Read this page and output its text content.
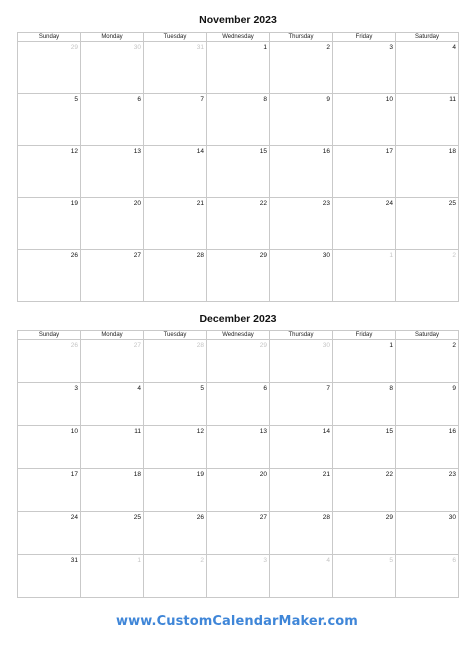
November 2023
Sunday	Monday	Tuesday	Wednesday	Thursday	Friday	Saturday
29	30	31	1	2	3	4
5	6	7	8	9	10	11
12	13	14	15	16	17	18
19	20	21	22	23	24	25
26	27	28	29	30	1	2
December 2023
Sunday	Monday	Tuesday	Wednesday	Thursday	Friday	Saturday
26	27	28	29	30	1	2
3	4	5	6	7	8	9
10	11	12	13	14	15	16
17	18	19	20	21	22	23
24	25	26	27	28	29	30
31	1	2	3	4	5	6
www.CustomCalendarMaker.com
